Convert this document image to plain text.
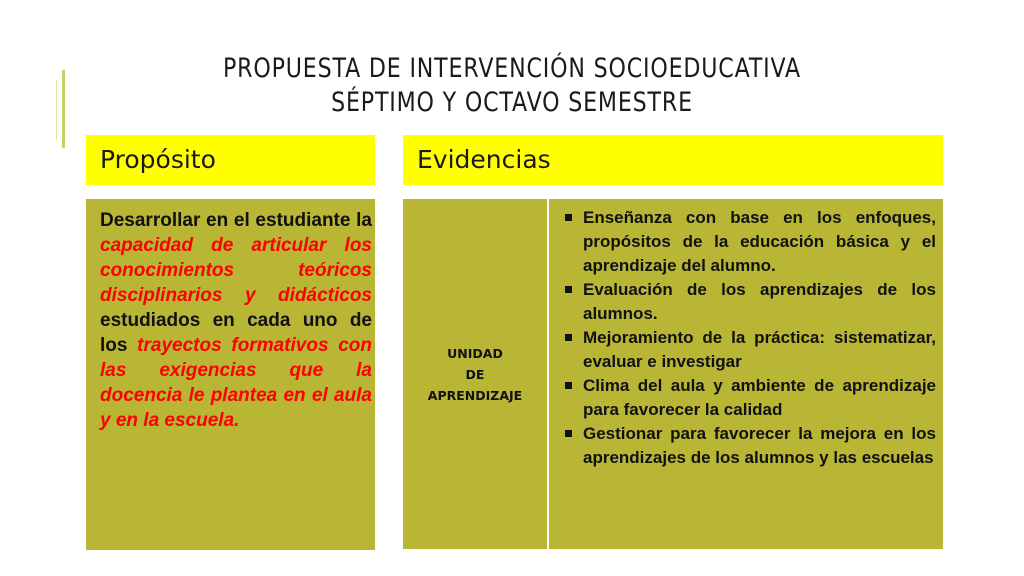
PROPUESTA DE INTERVENCIÓN SOCIOEDUCATIVA
SÉPTIMO Y OCTAVO SEMESTRE
Propósito	Evidencias

Desarrollar en el estudiante la capacidad de articular los conocimientos teóricos disciplinarios y didácticos estudiados en cada uno de los trayectos formativos con las exigencias que la docencia le plantea en el aula y en la escuela.

UNIDAD
DE
APRENDIZAJE
Enseñanza con base en los enfoques, propósitos de la educación básica y el aprendizaje del alumno.
Evaluación de los aprendizajes de los alumnos.
Mejoramiento de la práctica: sistematizar, evaluar e investigar
Clima del aula y ambiente de aprendizaje para favorecer la calidad
Gestionar para favorecer la mejora en los aprendizajes de los alumnos y las escuelas
